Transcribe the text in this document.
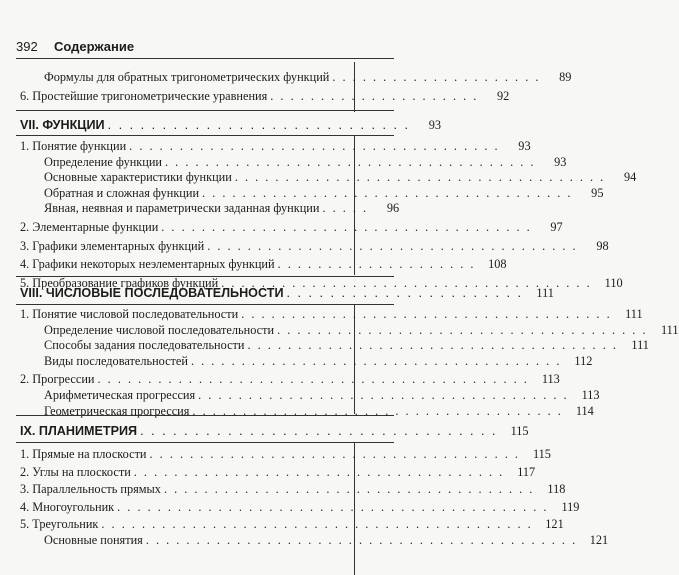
392 Содержание
Формулы для обратных тригонометрических функций . . . . . . . . . . . . . . . . . . . . .	89
6. Простейшие тригонометрические уравнения . . . . . . . . . . . . . . . . . . . . .	92
VII. ФУНКЦИИ . . . . . . . . . . . . . . . . . . . . . . . . . . . .	93
1. Понятие функции . . . . . . . . . . . . . . . . . . . . . . . . . . . . . . . . . . . . .	93
Определение функции . . . . . . . . . . . . . . . . . . . . . . . . . . . . . . . . . . . . .	93
Основные характеристики функции . . . . . . . . . . . . . . . . . . . . . . . . . . . . . . . . . . . . .	94
Обратная и сложная функции . . . . . . . . . . . . . . . . . . . . . . . . . . . . . . . . . . . . .	95
Явная, неявная и параметрически заданная функции . . . . .	96
2. Элементарные функции . . . . . . . . . . . . . . . . . . . . . . . . . . . . . . . . . . . . .	97
3. Графики элементарных функций . . . . . . . . . . . . . . . . . . . . . . . . . . . . . . . . . . . . .	98
4. Графики некоторых неэлементарных функций . . . . . . . . . . . . . . . . . . . .	108
5. Преобразование графиков функций . . . . . . . . . . . . . . . . . . . . . . . . . . . . . . . . . . . . .	110
VIII. ЧИСЛОВЫЕ ПОСЛЕДОВАТЕЛЬНОСТИ . . . . . . . . . . . . . . . . . . . . . .	111
1. Понятие числовой последовательности . . . . . . . . . . . . . . . . . . . . . . . . . . . . . . . . . . . . .	111
Определение числовой последовательности . . . . . . . . . . . . . . . . . . . . . . . . . . . . . . . . . . . . .	111
Способы задания последовательности . . . . . . . . . . . . . . . . . . . . . . . . . . . . . . . . . . . . .	111
Виды последовательностей . . . . . . . . . . . . . . . . . . . . . . . . . . . . . . . . . . . . .	112
2. Прогрессии . . . . . . . . . . . . . . . . . . . . . . . . . . . . . . . . . . . . . . . . . . .	113
Арифметическая прогрессия . . . . . . . . . . . . . . . . . . . . . . . . . . . . . . . . . . . . .	113
Геометрическая прогрессия . . . . . . . . . . . . . . . . . . . . . . . . . . . . . . . . . . . . .	114
IX. ПЛАНИМЕТРИЯ . . . . . . . . . . . . . . . . . . . . . . . . . . . . . . . . .	115
1. Прямые на плоскости . . . . . . . . . . . . . . . . . . . . . . . . . . . . . . . . . . . . .	115
2. Углы на плоскости . . . . . . . . . . . . . . . . . . . . . . . . . . . . . . . . . . . . .	117
3. Параллельность прямых . . . . . . . . . . . . . . . . . . . . . . . . . . . . . . . . . . . . .	118
4. Многоугольник . . . . . . . . . . . . . . . . . . . . . . . . . . . . . . . . . . . . . . . . . . .	119
5. Треугольник . . . . . . . . . . . . . . . . . . . . . . . . . . . . . . . . . . . . . . . . . . .	121
Основные понятия . . . . . . . . . . . . . . . . . . . . . . . . . . . . . . . . . . . . . . . . . . .	121
